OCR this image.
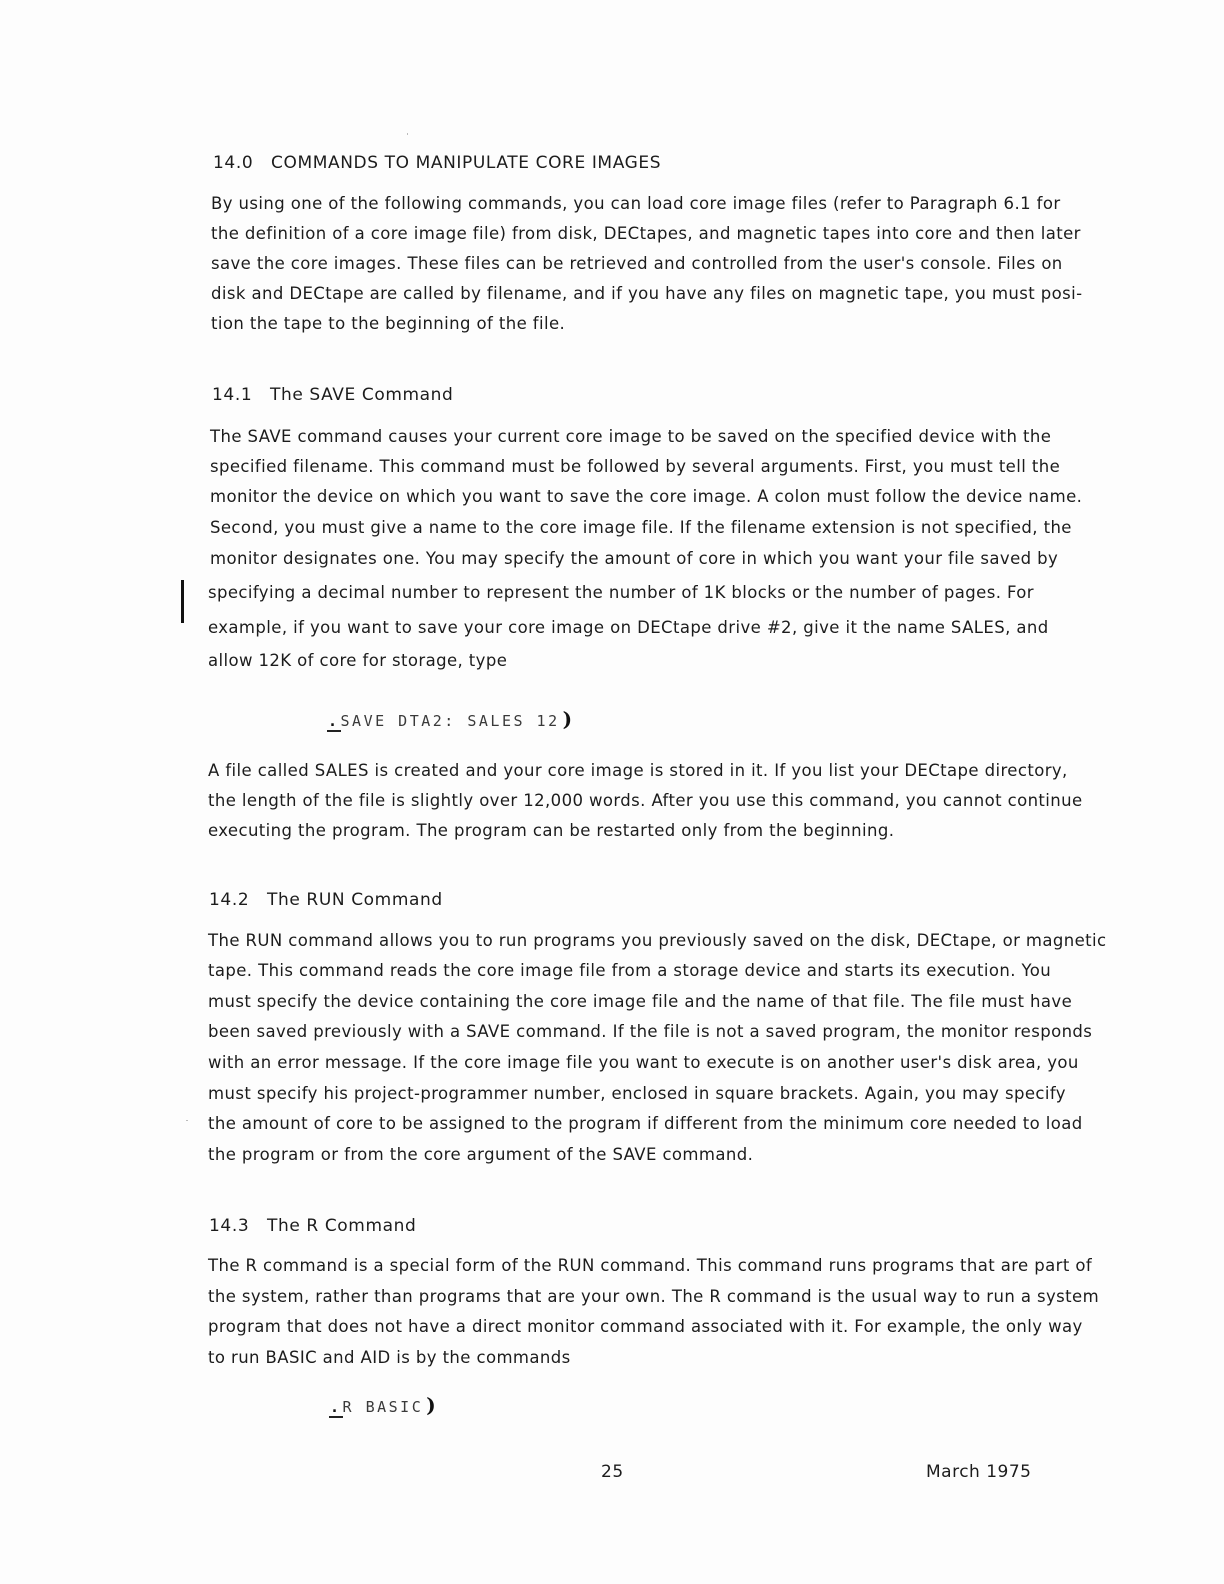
14.0 COMMANDS TO MANIPULATE CORE IMAGES
By using one of the following commands, you can load core image files (refer to Paragraph 6.1 for
the definition of a core image file) from disk, DECtapes, and magnetic tapes into core and then later
save the core images. These files can be retrieved and controlled from the user's console. Files on
disk and DECtape are called by filename, and if you have any files on magnetic tape, you must posi-
tion the tape to the beginning of the file.
14.1 The SAVE Command
The SAVE command causes your current core image to be saved on the specified device with the
specified filename. This command must be followed by several arguments. First, you must tell the
monitor the device on which you want to save the core image. A colon must follow the device name.
Second, you must give a name to the core image file. If the filename extension is not specified, the
monitor designates one. You may specify the amount of core in which you want your file saved by
specifying a decimal number to represent the number of 1K blocks or the number of pages. For
example, if you want to save your core image on DECtape drive #2, give it the name SALES, and
allow 12K of core for storage, type
.SAVE DTA2: SALES 12 )
A file called SALES is created and your core image is stored in it. If you list your DECtape directory,
the length of the file is slightly over 12,000 words. After you use this command, you cannot continue
executing the program. The program can be restarted only from the beginning.
14.2 The RUN Command
The RUN command allows you to run programs you previously saved on the disk, DECtape, or magnetic
tape. This command reads the core image file from a storage device and starts its execution. You
must specify the device containing the core image file and the name of that file. The file must have
been saved previously with a SAVE command. If the file is not a saved program, the monitor responds
with an error message. If the core image file you want to execute is on another user's disk area, you
must specify his project-programmer number, enclosed in square brackets. Again, you may specify
the amount of core to be assigned to the program if different from the minimum core needed to load
the program or from the core argument of the SAVE command.
14.3 The R Command
The R command is a special form of the RUN command. This command runs programs that are part of
the system, rather than programs that are your own. The R command is the usual way to run a system
program that does not have a direct monitor command associated with it. For example, the only way
to run BASIC and AID is by the commands
.R BASIC )
25	March 1975
